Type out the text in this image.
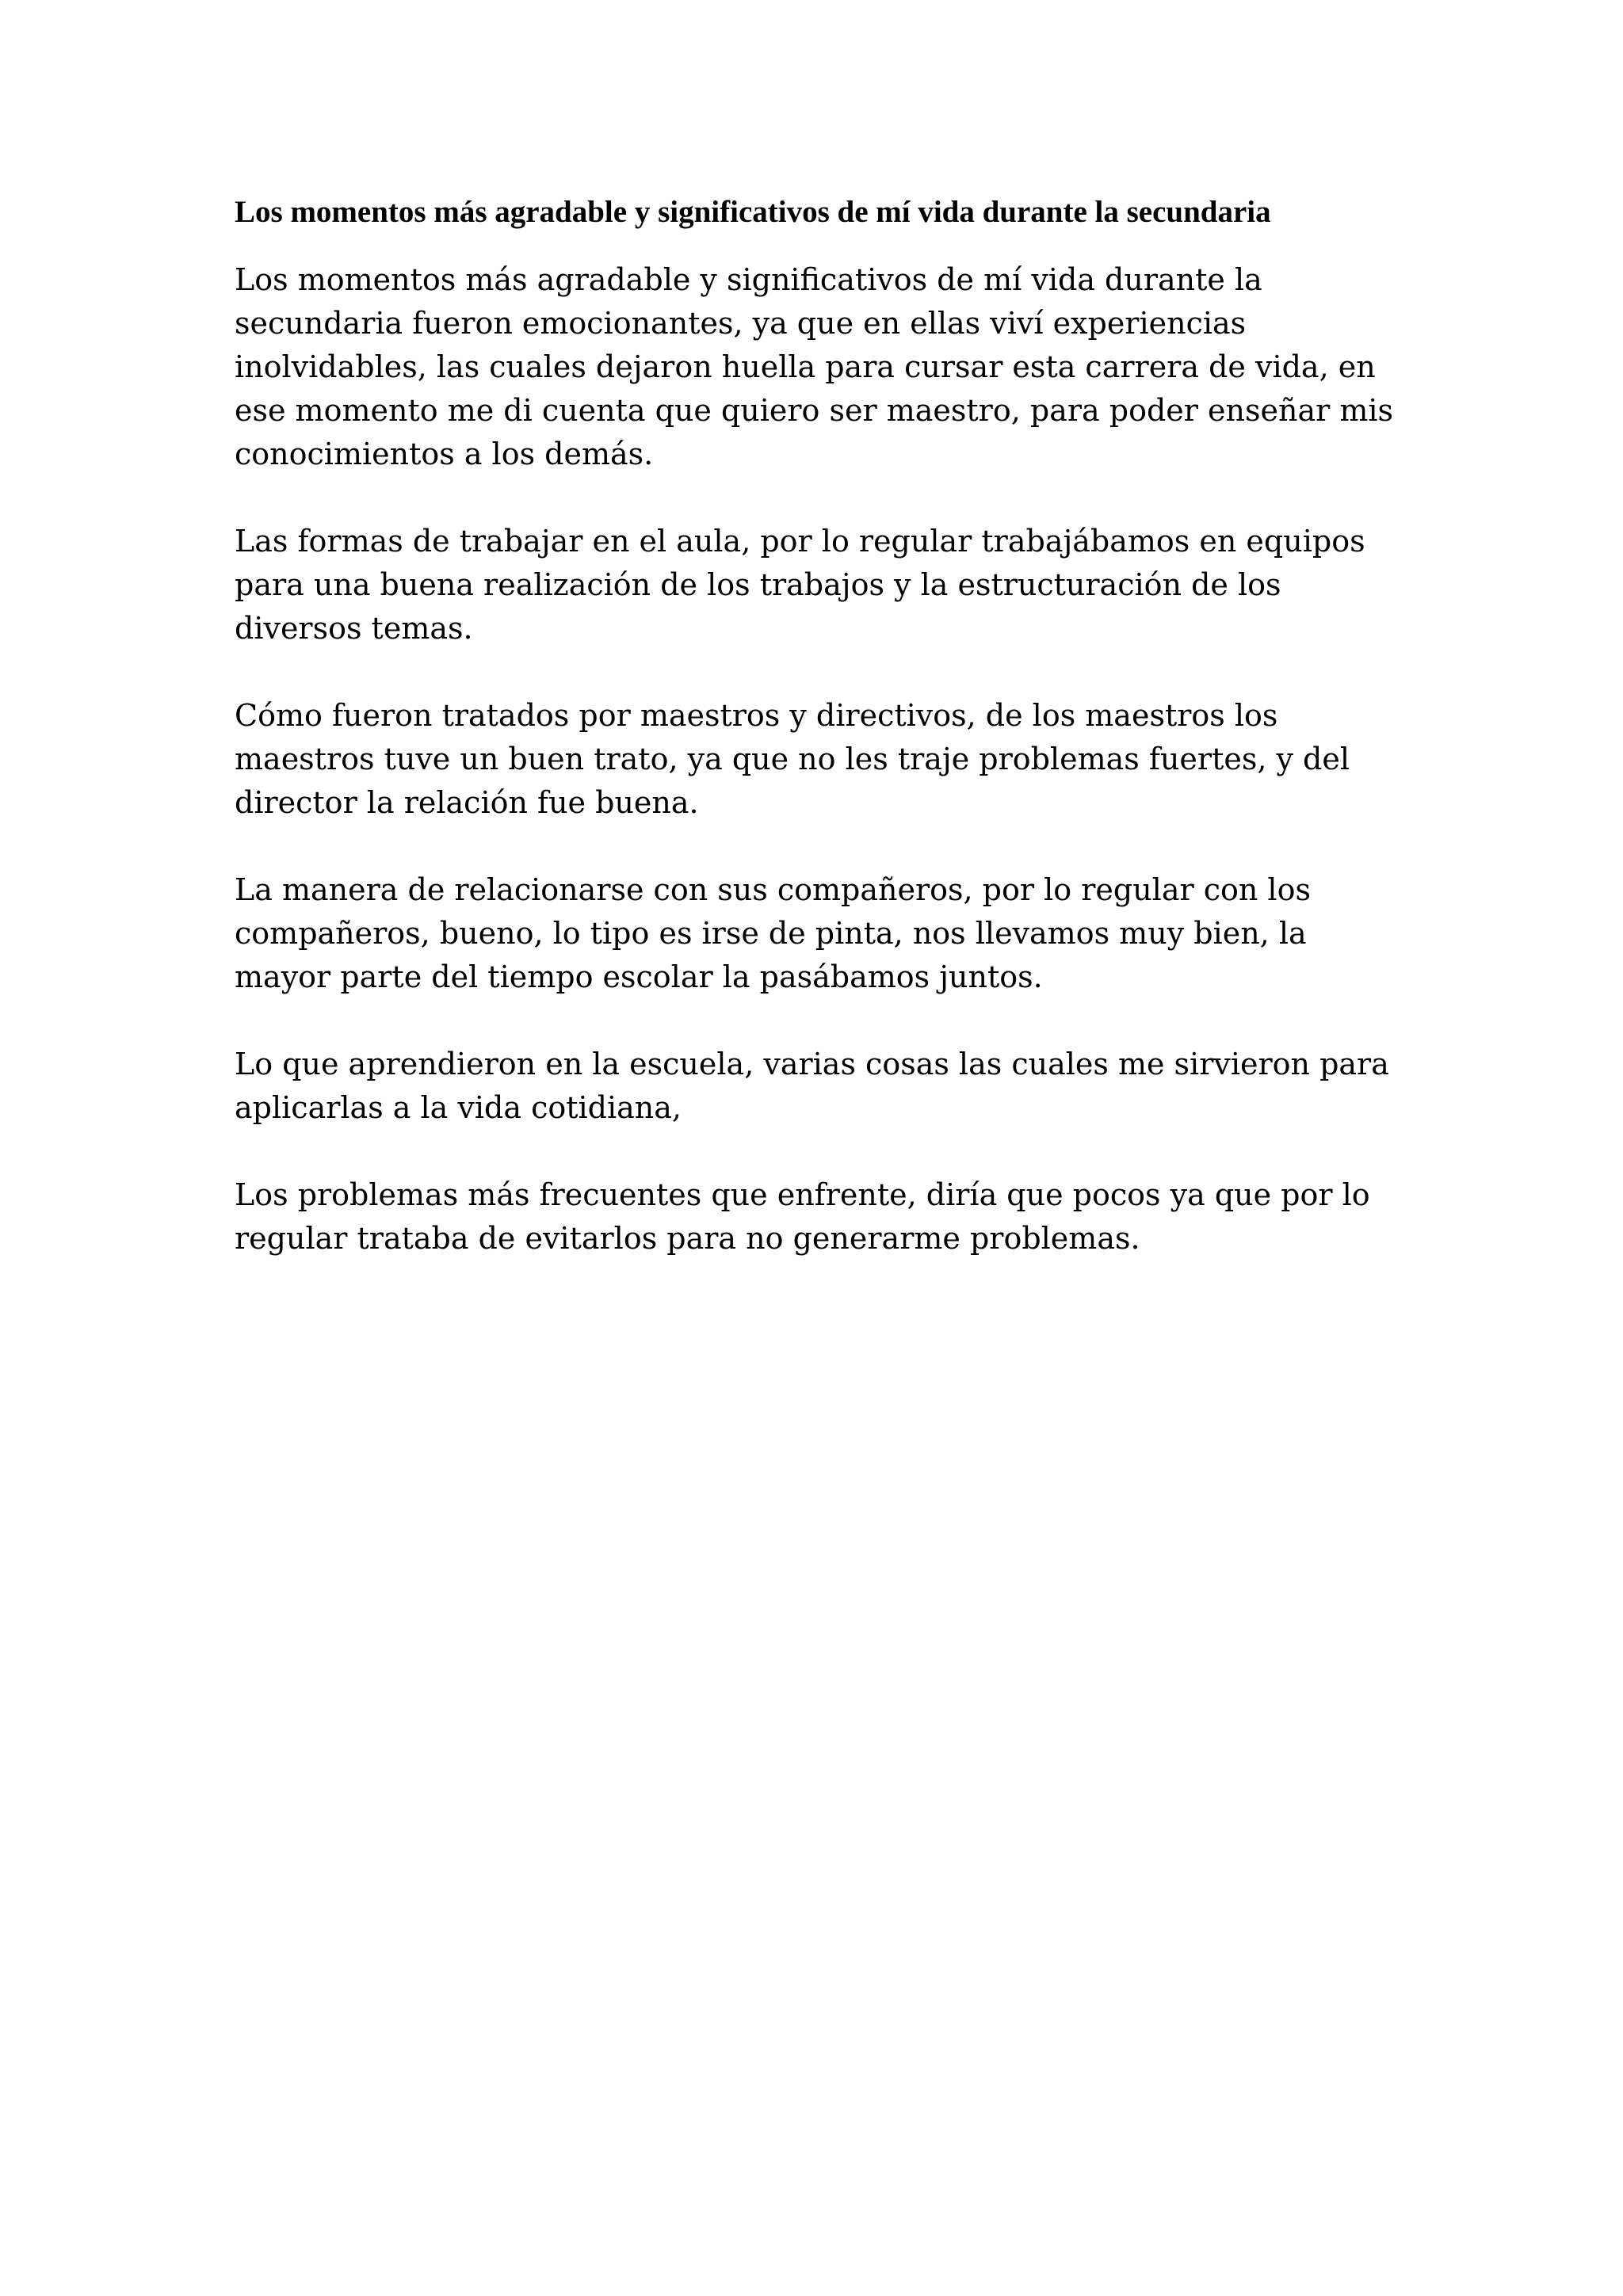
Los momentos más agradable y significativos de mí vida durante la secundaria

Los momentos más agradable y significativos de mí vida durante la secundaria fueron emocionantes, ya que en ellas viví experiencias inolvidables, las cuales dejaron huella para cursar esta carrera de vida, en ese momento me di cuenta que quiero ser maestro, para poder enseñar mis conocimientos a los demás.

Las formas de trabajar en el aula, por lo regular trabajábamos en equipos para una buena realización de los trabajos y la estructuración de los diversos temas.

Cómo fueron tratados por maestros y directivos, de los maestros los maestros tuve un buen trato, ya que no les traje problemas fuertes, y del director la relación fue buena.

La manera de relacionarse con sus compañeros, por lo regular con los compañeros, bueno, lo tipo es irse de pinta, nos llevamos muy bien, la mayor parte del tiempo escolar la pasábamos juntos.

Lo que aprendieron en la escuela, varias cosas las cuales me sirvieron para aplicarlas a la vida cotidiana,

Los problemas más frecuentes que enfrente, diría que pocos ya que por lo regular trataba de evitarlos para no generarme problemas.
